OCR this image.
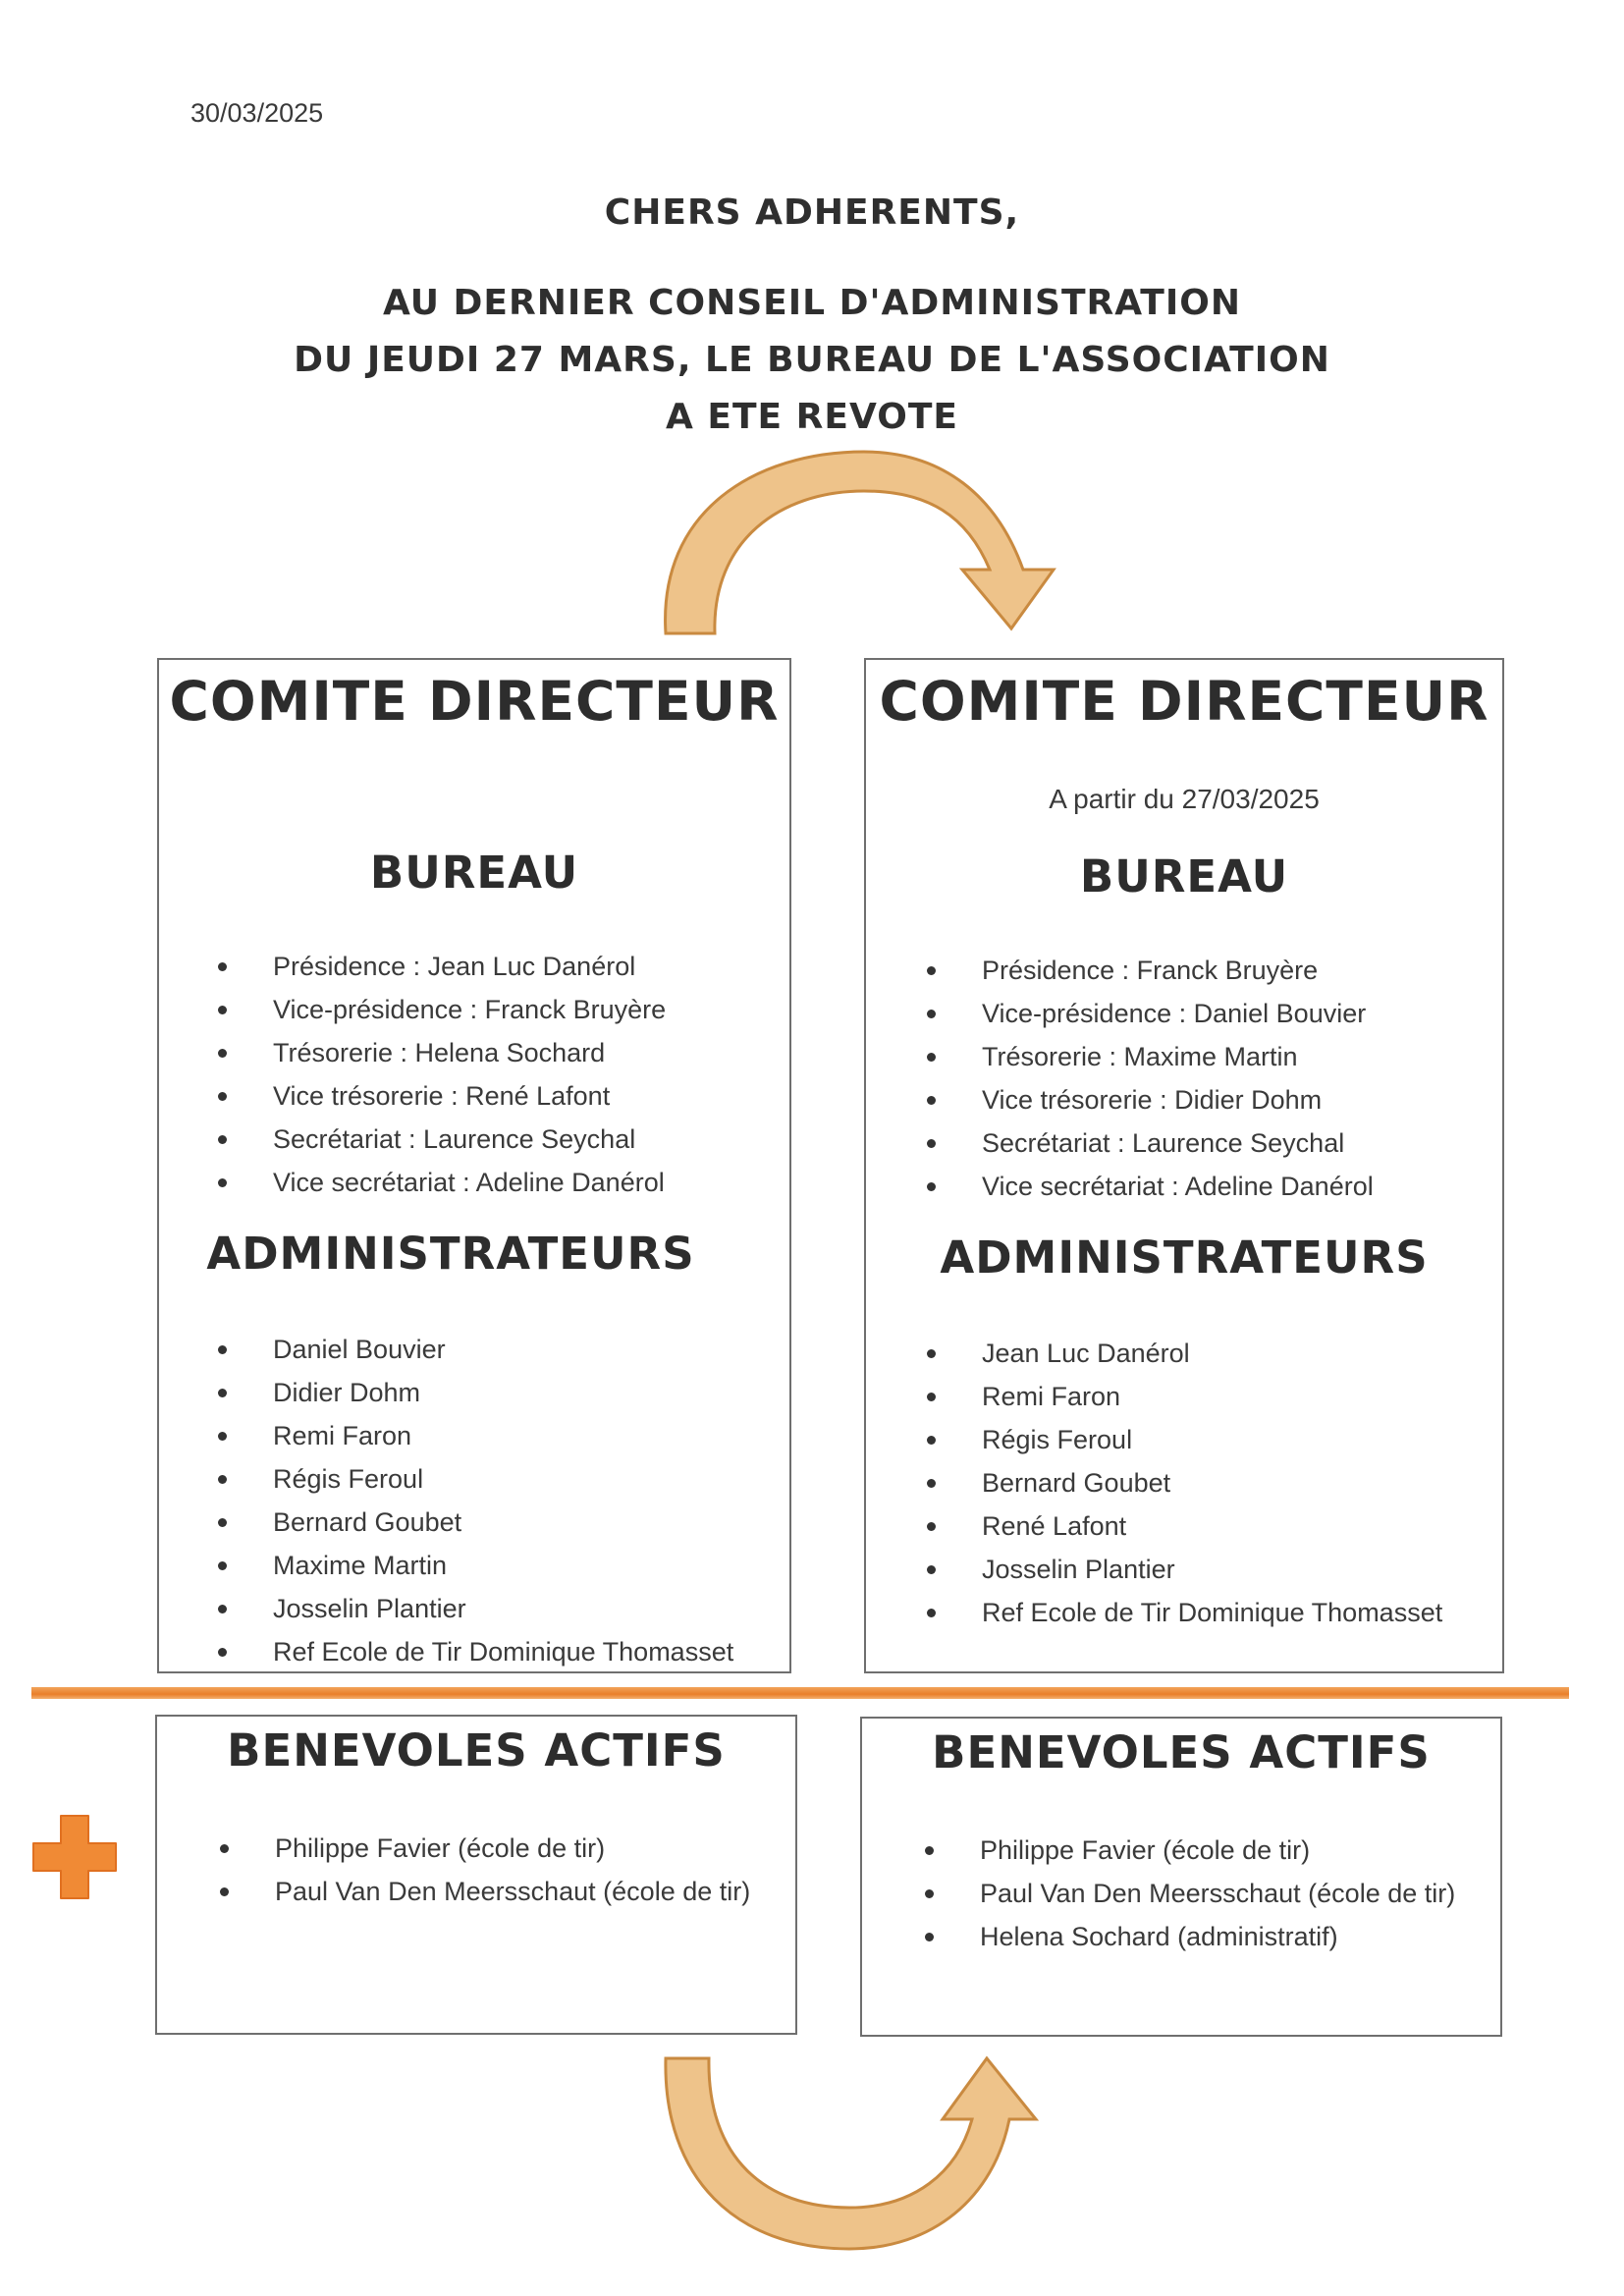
30/03/2025
CHERS ADHERENTS,
AU DERNIER CONSEIL D'ADMINISTRATION
DU JEUDI 27 MARS, LE BUREAU DE L'ASSOCIATION
A ETE REVOTE
COMITE DIRECTEUR
BUREAU
Présidence : Jean Luc Danérol
Vice-présidence : Franck Bruyère
Trésorerie : Helena Sochard
Vice trésorerie : René Lafont
Secrétariat : Laurence Seychal
Vice secrétariat : Adeline Danérol
ADMINISTRATEURS
Daniel Bouvier
Didier Dohm
Remi Faron
Régis Feroul
Bernard Goubet
Maxime Martin
Josselin Plantier
Ref Ecole de Tir Dominique Thomasset
COMITE DIRECTEUR
A partir du 27/03/2025
BUREAU
Présidence : Franck Bruyère
Vice-présidence : Daniel Bouvier
Trésorerie : Maxime Martin
Vice trésorerie : Didier Dohm
Secrétariat : Laurence Seychal
Vice secrétariat : Adeline Danérol
ADMINISTRATEURS
Jean Luc Danérol
Remi Faron
Régis Feroul
Bernard Goubet
René Lafont
Josselin Plantier
Ref Ecole de Tir Dominique Thomasset
BENEVOLES ACTIFS
Philippe Favier (école de tir)
Paul Van Den Meersschaut (école de tir)
BENEVOLES ACTIFS
Philippe Favier (école de tir)
Paul Van Den Meersschaut (école de tir)
Helena Sochard (administratif)
